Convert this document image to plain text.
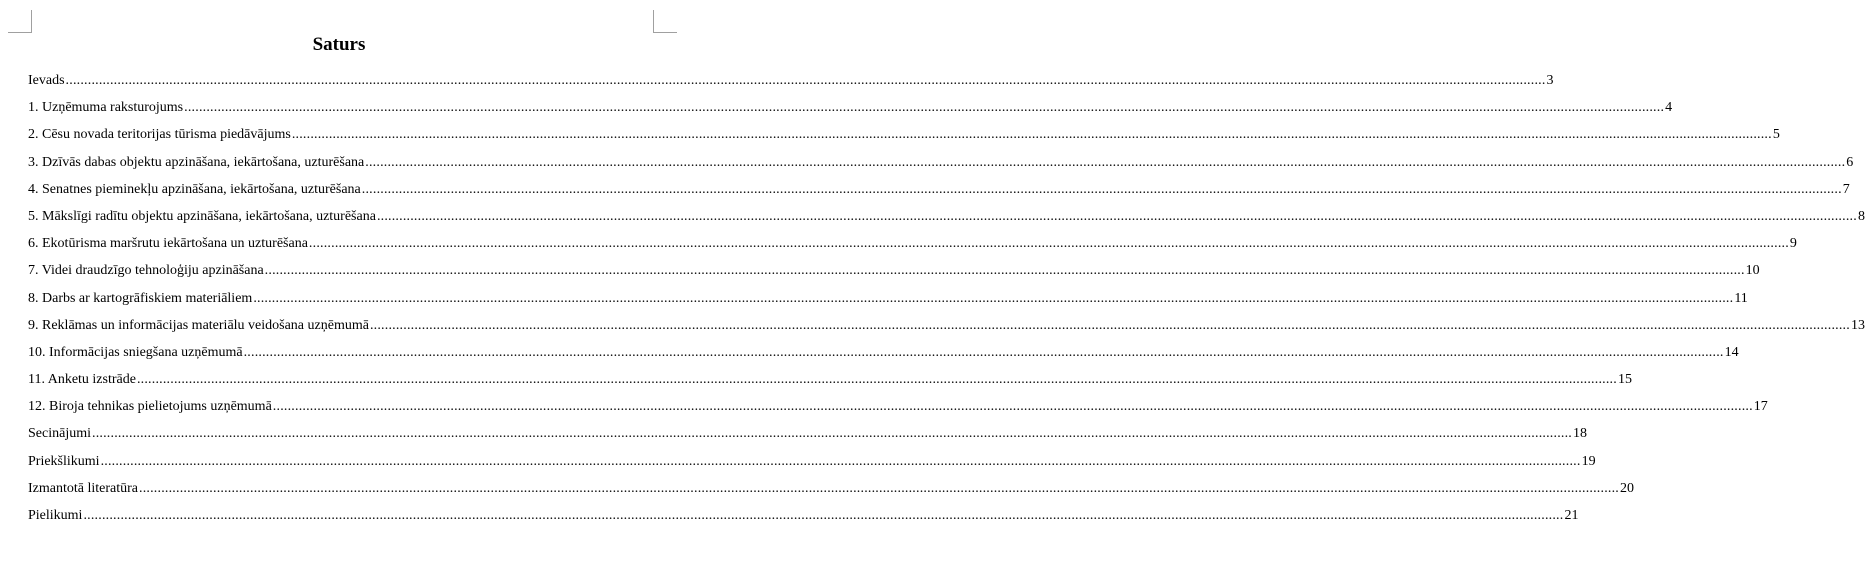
Saturs
Ievads ................................................................................................................................................................................................................................................................................................................................................................................................................ 3
1. Uzņēmuma raksturojums ................................................................................................................................................................................................................................................................................................................................................................................................................ 4
2. Cēsu novada teritorijas tūrisma piedāvājums ................................................................................................................................................................................................................................................................................................................................................................................................................ 5
3. Dzīvās dabas objektu apzināšana, iekārtošana, uzturēšana ................................................................................................................................................................................................................................................................................................................................................................................................................ 6
4. Senatnes pieminekļu apzināšana, iekārtošana, uzturēšana ................................................................................................................................................................................................................................................................................................................................................................................................................ 7
5. Mākslīgi radītu objektu apzināšana, iekārtošana, uzturēšana ................................................................................................................................................................................................................................................................................................................................................................................................................ 8
6. Ekotūrisma maršrutu iekārtošana un uzturēšana ................................................................................................................................................................................................................................................................................................................................................................................................................ 9
7. Videi draudzīgo tehnoloģiju apzināšana ................................................................................................................................................................................................................................................................................................................................................................................................................ 10
8. Darbs ar kartogrāfiskiem materiāliem ................................................................................................................................................................................................................................................................................................................................................................................................................ 11
9. Reklāmas un informācijas materiālu veidošana uzņēmumā ................................................................................................................................................................................................................................................................................................................................................................................................................ 13
10. Informācijas sniegšana uzņēmumā ................................................................................................................................................................................................................................................................................................................................................................................................................ 14
11. Anketu izstrāde ................................................................................................................................................................................................................................................................................................................................................................................................................ 15
12. Biroja tehnikas pielietojums uzņēmumā ................................................................................................................................................................................................................................................................................................................................................................................................................ 17
Secinājumi ................................................................................................................................................................................................................................................................................................................................................................................................................ 18
Priekšlikumi ................................................................................................................................................................................................................................................................................................................................................................................................................ 19
Izmantotā literatūra ................................................................................................................................................................................................................................................................................................................................................................................................................ 20
Pielikumi ................................................................................................................................................................................................................................................................................................................................................................................................................ 21
